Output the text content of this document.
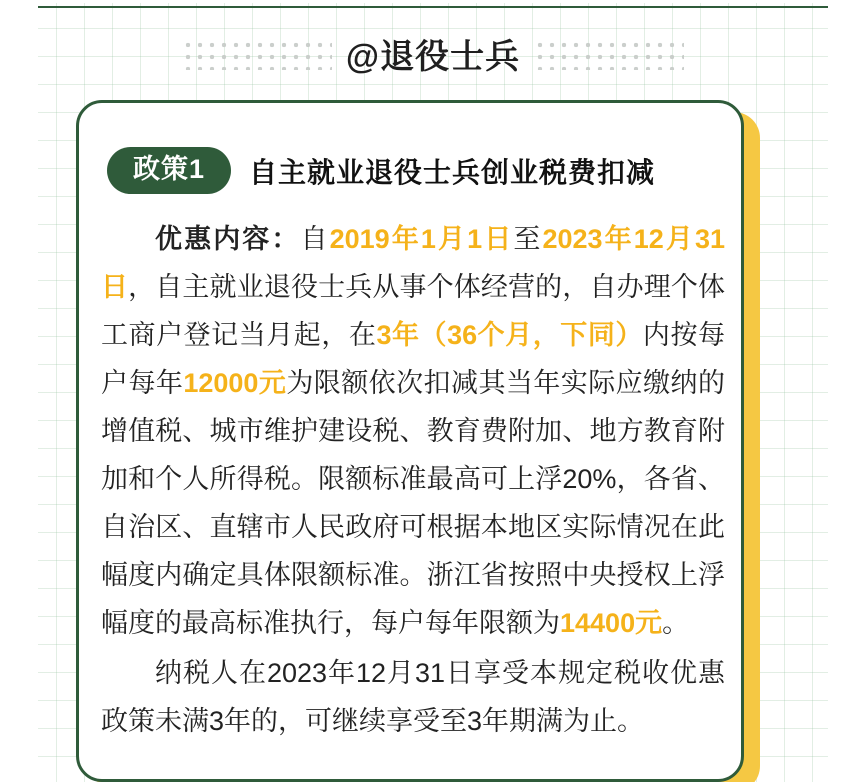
@退役士兵
政策1	自主就业退役士兵创业税费扣减

优惠内容：自2019年1月1日至2023年12月31日，自主就业退役士兵从事个体经营的，自办理个体工商户登记当月起，在3年（36个月，下同）内按每户每年12000元为限额依次扣减其当年实际应缴纳的增值税、城市维护建设税、教育费附加、地方教育附加和个人所得税。限额标准最高可上浮20%，各省、自治区、直辖市人民政府可根据本地区实际情况在此幅度内确定具体限额标准。浙江省按照中央授权上浮幅度的最高标准执行，每户每年限额为14400元。

纳税人在2023年12月31日享受本规定税收优惠政策未满3年的，可继续享受至3年期满为止。
